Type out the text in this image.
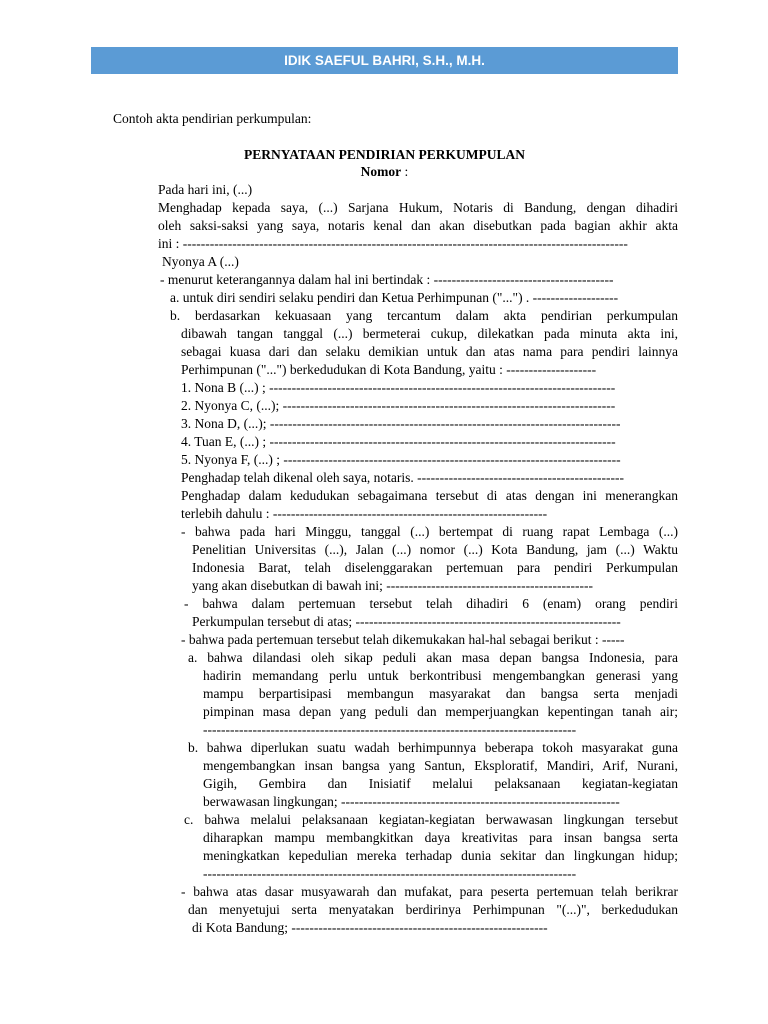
IDIK SAEFUL BAHRI, S.H., M.H.
Contoh akta pendirian perkumpulan:
PERNYATAAN PENDIRIAN PERKUMPULAN
Nomor :
Pada hari ini, (...)
Menghadap kepada saya, (...) Sarjana Hukum, Notaris di Bandung, dengan dihadiri
oleh saksi-saksi yang saya, notaris kenal dan akan disebutkan pada bagian akhir akta
ini : ---------------------------------------------------------------------------------------------------
Nyonya A (...)
- menurut keterangannya dalam hal ini bertindak : ----------------------------------------
a. untuk diri sendiri selaku pendiri dan Ketua Perhimpunan ("...") . -------------------
b. berdasarkan kekuasaan yang tercantum dalam akta pendirian perkumpulan
dibawah tangan tanggal (...) bermeterai cukup, dilekatkan pada minuta akta ini,
sebagai kuasa dari dan selaku demikian untuk dan atas nama para pendiri lainnya
Perhimpunan ("...") berkedudukan di Kota Bandung, yaitu : --------------------
1. Nona B (...) ; -----------------------------------------------------------------------------
2. Nyonya C, (...); --------------------------------------------------------------------------
3. Nona D, (...); ------------------------------------------------------------------------------
4. Tuan E, (...) ; -----------------------------------------------------------------------------
5. Nyonya F, (...) ; ---------------------------------------------------------------------------
Penghadap telah dikenal oleh saya, notaris. ----------------------------------------------
Penghadap dalam kedudukan sebagaimana tersebut di atas dengan ini menerangkan
terlebih dahulu : -------------------------------------------------------------
- bahwa pada hari Minggu, tanggal (...) bertempat di ruang rapat Lembaga (...)
Penelitian Universitas (...), Jalan (...) nomor (...) Kota Bandung, jam (...) Waktu
Indonesia Barat, telah diselenggarakan pertemuan para pendiri Perkumpulan
yang akan disebutkan di bawah ini; ----------------------------------------------
- bahwa dalam pertemuan tersebut telah dihadiri 6 (enam) orang pendiri
Perkumpulan tersebut di atas; -----------------------------------------------------------
- bahwa pada pertemuan tersebut telah dikemukakan hal-hal sebagai berikut : -----
a. bahwa dilandasi oleh sikap peduli akan masa depan bangsa Indonesia, para
hadirin memandang perlu untuk berkontribusi mengembangkan generasi yang
mampu berpartisipasi membangun masyarakat dan bangsa serta menjadi
pimpinan masa depan yang peduli dan memperjuangkan kepentingan tanah air;
-----------------------------------------------------------------------------------
b. bahwa diperlukan suatu wadah berhimpunnya beberapa tokoh masyarakat guna
mengembangkan insan bangsa yang Santun, Eksploratif, Mandiri, Arif, Nurani,
Gigih, Gembira dan Inisiatif melalui pelaksanaan kegiatan-kegiatan
berwawasan lingkungan; --------------------------------------------------------------
c. bahwa melalui pelaksanaan kegiatan-kegiatan berwawasan lingkungan tersebut
diharapkan mampu membangkitkan daya kreativitas para insan bangsa serta
meningkatkan kepedulian mereka terhadap dunia sekitar dan lingkungan hidup;
-----------------------------------------------------------------------------------
- bahwa atas dasar musyawarah dan mufakat, para peserta pertemuan telah berikrar
dan menyetujui serta menyatakan berdirinya Perhimpunan "(...)", berkedudukan
di Kota Bandung; ---------------------------------------------------------
